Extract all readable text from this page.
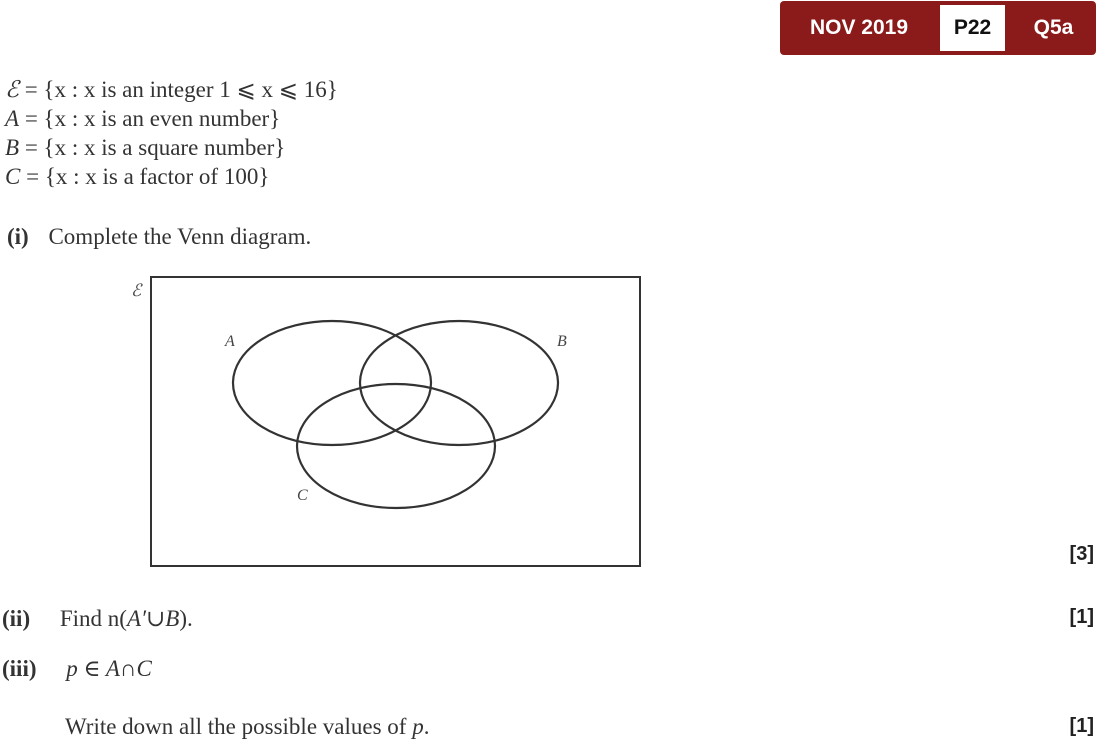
NOV 2019	Q5a
P22
ℰ = {x : x is an integer 1 ⩽ x ⩽ 16}
A = {x : x is an even number}
B = {x : x is a square number}
C = {x : x is a factor of 100}
(i) Complete the Venn diagram.
ℰ
A	B
C
[3]
(ii) Find n(A′∪B).	[1]
(iii) p ∈ A∩C
Write down all the possible values of p.	[1]
